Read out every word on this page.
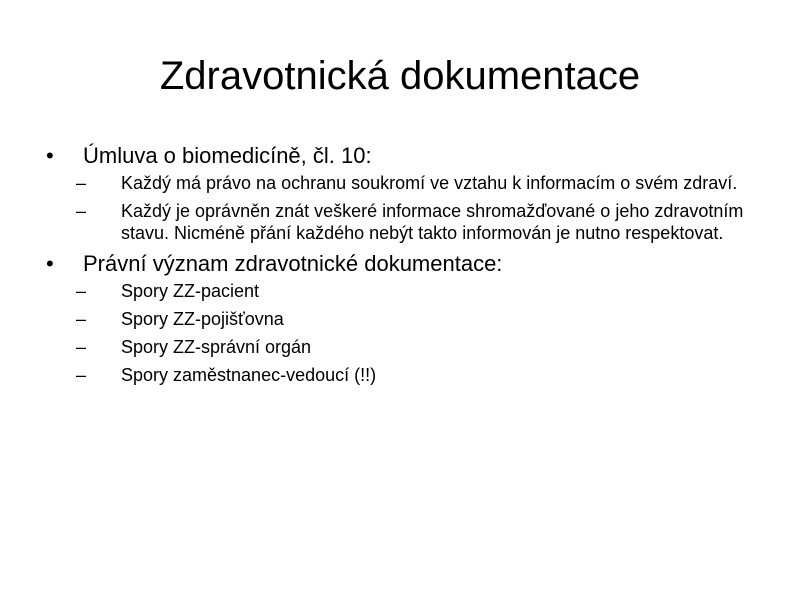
Zdravotnická dokumentace
•	Úmluva o biomedicíně, čl. 10:
–	Každý má právo na ochranu soukromí ve vztahu k informacím o svém zdraví.
–	Každý je oprávněn znát veškeré informace shromažďované o jeho zdravotním stavu. Nicméně přání každého nebýt takto informován je nutno respektovat.
•	Právní význam zdravotnické dokumentace:
–	Spory ZZ-pacient
–	Spory ZZ-pojišťovna
–	Spory ZZ-správní orgán
–	Spory zaměstnanec-vedoucí (!!)
